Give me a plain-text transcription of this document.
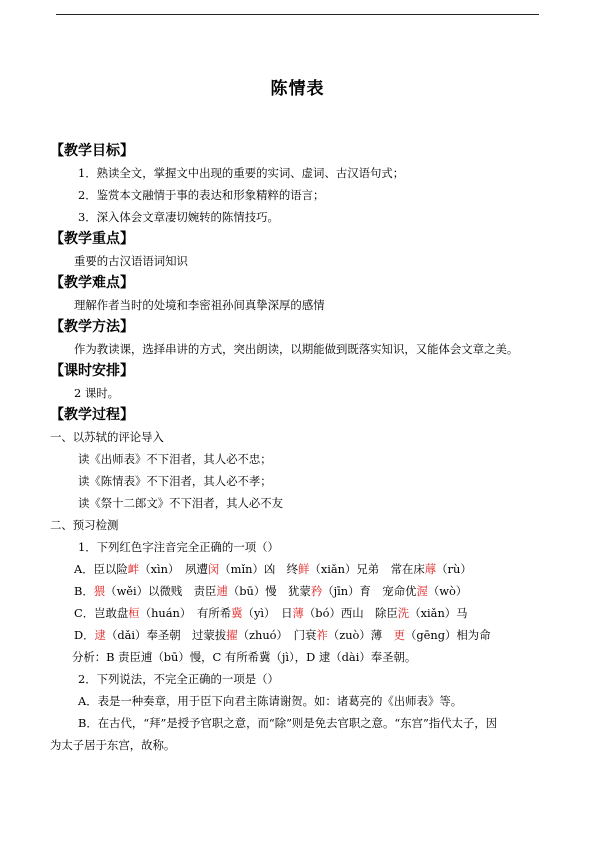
陈情表
【教学目标】
1．熟读全文，掌握文中出现的重要的实词、虚词、古汉语句式；
2．鉴赏本文融情于事的表达和形象精粹的语言；
3．深入体会文章凄切婉转的陈情技巧。
【教学重点】
重要的古汉语语词知识
【教学难点】
理解作者当时的处境和李密祖孙间真挚深厚的感情
【教学方法】
作为教读课，选择串讲的方式，突出朗读，以期能做到既落实知识，又能体会文章之美。
【课时安排】
2 课时。
【教学过程】
一、以苏轼的评论导入
读《出师表》不下泪者，其人必不忠；
读《陈情表》不下泪者，其人必不孝；
读《祭十二郎文》不下泪者，其人必不友
二、预习检测
1．下列红色字注音完全正确的一项（）
A．臣以险衅（xìn）　夙遭闵（mǐn）凶　终鲜（xiǎn）兄弟　常在床蓐（rù）
B．猥（wěi）以微贱　责臣逋（bū）慢　犹蒙矜（jīn）育　宠命优渥（wò）
C．岂敢盘桓（huán）　有所希冀（yì）　日薄（bó）西山　除臣洗（xiǎn）马
D．逮（dǎi）奉圣朝　过蒙拔擢（zhuó）　门衰祚（zuò）薄　更（gēng）相为命
分析：B 责臣逋（bū）慢，C 有所希冀（jì），D 逮（dài）奉圣朝。
2．下列说法，不完全正确的一项是（）
A．表是一种奏章，用于臣下向君主陈请谢贺。如：诸葛亮的《出师表》等。
B．在古代，“拜”是授予官职之意，而“除”则是免去官职之意。“东宫”指代太子，因
为太子居于东宫，故称。
